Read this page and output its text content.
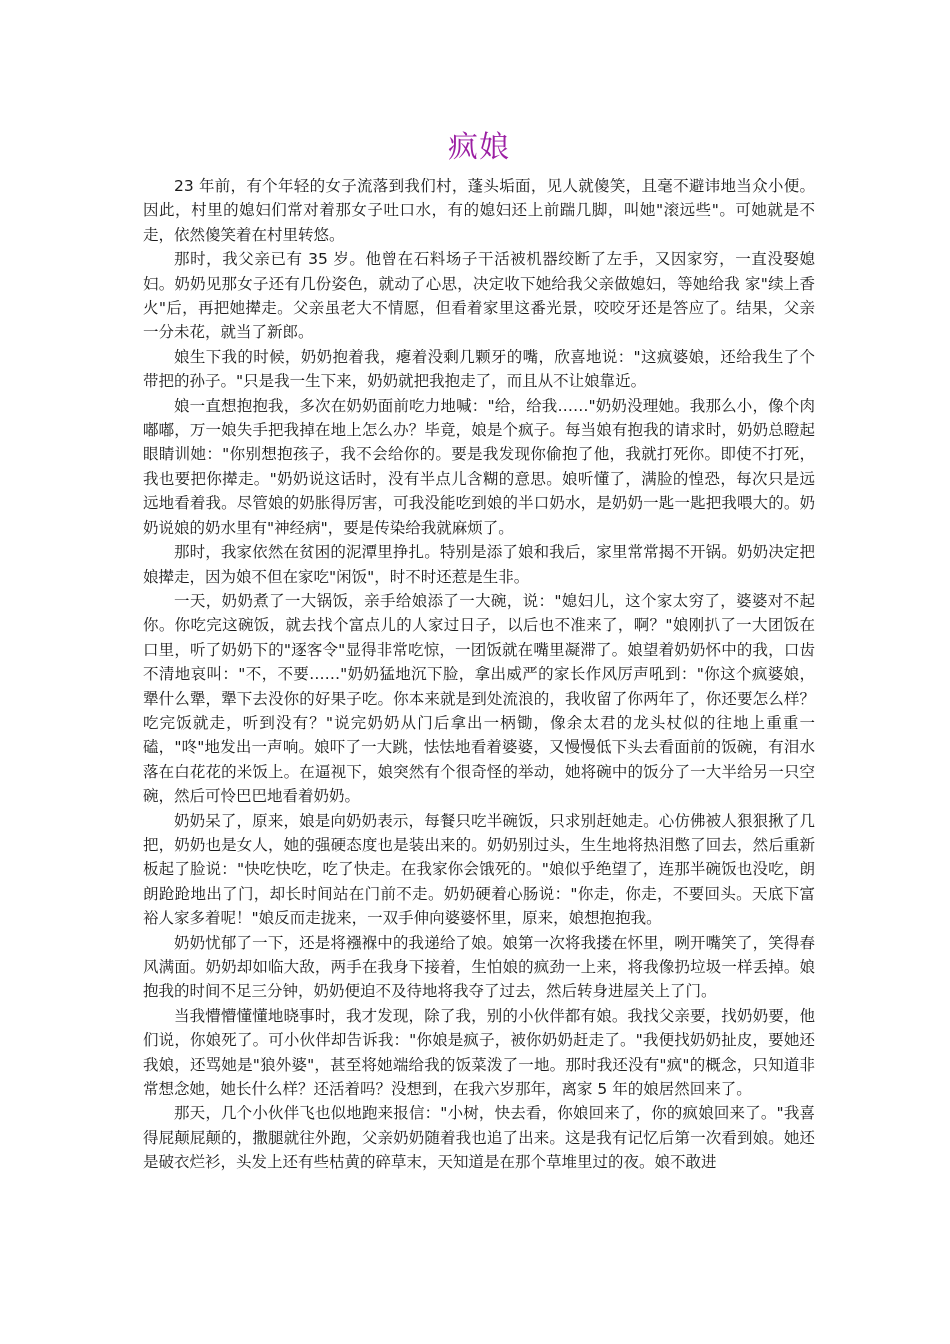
疯娘

23 年前，有个年轻的女子流落到我们村，蓬头垢面，见人就傻笑，且毫不避讳地当众小便。因此，村里的媳妇们常对着那女子吐口水，有的媳妇还上前踹几脚，叫她"滚远些"。可她就是不走，依然傻笑着在村里转悠。

那时，我父亲已有 35 岁。他曾在石料场子干活被机器绞断了左手，又因家穷，一直没娶媳妇。奶奶见那女子还有几份姿色，就动了心思，决定收下她给我父亲做媳妇，等她给我 家"续上香火"后，再把她撵走。父亲虽老大不情愿，但看着家里这番光景，咬咬牙还是答应了。结果，父亲一分未花，就当了新郎。

娘生下我的时候，奶奶抱着我，瘪着没剩几颗牙的嘴，欣喜地说："这疯婆娘，还给我生了个带把的孙子。"只是我一生下来，奶奶就把我抱走了，而且从不让娘靠近。

娘一直想抱抱我，多次在奶奶面前吃力地喊："给，给我……"奶奶没理她。我那么小，像个肉嘟嘟，万一娘失手把我掉在地上怎么办？毕竟，娘是个疯子。每当娘有抱我的请求时，奶奶总瞪起眼睛训她："你别想抱孩子，我不会给你的。要是我发现你偷抱了他，我就打死你。即使不打死，我也要把你撵走。"奶奶说这话时，没有半点儿含糊的意思。娘听懂了，满脸的惶恐，每次只是远远地看着我。尽管娘的奶胀得厉害，可我没能吃到娘的半口奶水，是奶奶一匙一匙把我喂大的。奶奶说娘的奶水里有"神经病"，要是传染给我就麻烦了。

那时，我家依然在贫困的泥潭里挣扎。特别是添了娘和我后，家里常常揭不开锅。奶奶决定把娘撵走，因为娘不但在家吃"闲饭"，时不时还惹是生非。

一天，奶奶煮了一大锅饭，亲手给娘添了一大碗，说："媳妇儿，这个家太穷了，婆婆对不起你。你吃完这碗饭，就去找个富点儿的人家过日子，以后也不准来了，啊？"娘刚扒了一大团饭在口里，听了奶奶下的"逐客令"显得非常吃惊，一团饭就在嘴里凝滞了。娘望着奶奶怀中的我，口齿不清地哀叫："不，不要……"奶奶猛地沉下脸，拿出威严的家长作风厉声吼到："你这个疯婆娘，犟什么犟，犟下去没你的好果子吃。你本来就是到处流浪的，我收留了你两年了，你还要怎么样？吃完饭就走，听到没有？"说完奶奶从门后拿出一柄锄，像余太君的龙头杖似的往地上重重一磕，"咚"地发出一声响。娘吓了一大跳，怯怯地看着婆婆，又慢慢低下头去看面前的饭碗，有泪水落在白花花的米饭上。在逼视下，娘突然有个很奇怪的举动，她将碗中的饭分了一大半给另一只空碗，然后可怜巴巴地看着奶奶。

奶奶呆了，原来，娘是向奶奶表示，每餐只吃半碗饭，只求别赶她走。心仿佛被人狠狠揪了几把，奶奶也是女人，她的强硬态度也是装出来的。奶奶别过头，生生地将热泪憋了回去，然后重新板起了脸说："快吃快吃，吃了快走。在我家你会饿死的。"娘似乎绝望了，连那半碗饭也没吃，朗朗跄跄地出了门，却长时间站在门前不走。奶奶硬着心肠说："你走，你走，不要回头。天底下富裕人家多着呢！"娘反而走拢来，一双手伸向婆婆怀里，原来，娘想抱抱我。

奶奶忧郁了一下，还是将襁褓中的我递给了娘。娘第一次将我搂在怀里，咧开嘴笑了，笑得春风满面。奶奶却如临大敌，两手在我身下接着，生怕娘的疯劲一上来，将我像扔垃圾一样丢掉。娘抱我的时间不足三分钟，奶奶便迫不及待地将我夺了过去，然后转身进屋关上了门。

当我懵懵懂懂地晓事时，我才发现，除了我，别的小伙伴都有娘。我找父亲要，找奶奶要，他们说，你娘死了。可小伙伴却告诉我："你娘是疯子，被你奶奶赶走了。"我便找奶奶扯皮，要她还我娘，还骂她是"狼外婆"，甚至将她端给我的饭菜泼了一地。那时我还没有"疯"的概念，只知道非常想念她，她长什么样？还活着吗？没想到，在我六岁那年，离家 5 年的娘居然回来了。

那天，几个小伙伴飞也似地跑来报信："小树，快去看，你娘回来了，你的疯娘回来了。"我喜得屁颠屁颠的，撒腿就往外跑，父亲奶奶随着我也追了出来。这是我有记忆后第一次看到娘。她还是破衣烂衫，头发上还有些枯黄的碎草末，天知道是在那个草堆里过的夜。娘不敢进
